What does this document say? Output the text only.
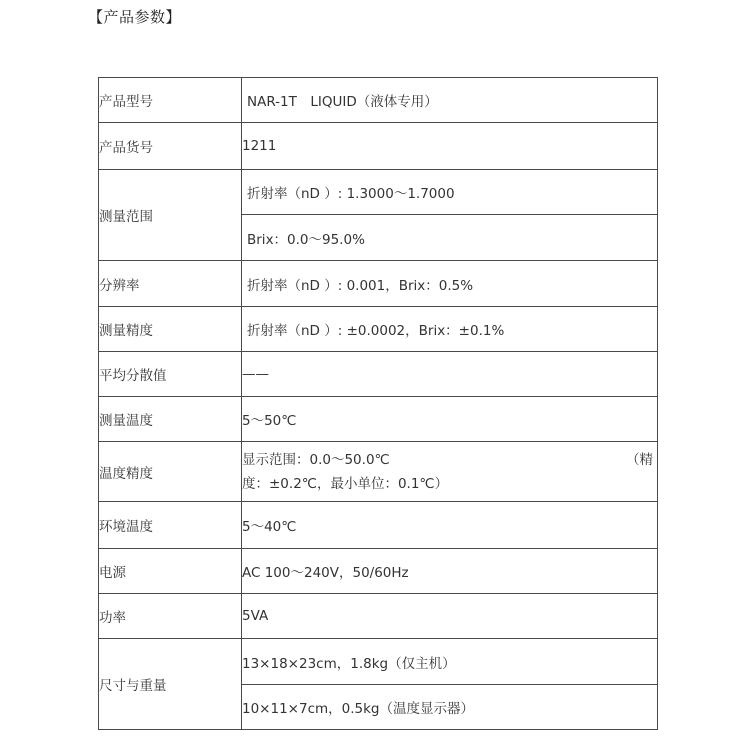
【产品参数】
产品型号	NAR-1T　LIQUID（液体专用）
产品货号	1211
测量范围	折射率（nD ）: 1.3000～1.7000
	Brix：0.0～95.0%
分辨率	折射率（nD ）: 0.001，Brix：0.5%
测量精度	折射率（nD ）: ±0.0002，Brix：±0.1%
平均分散值	——
测量温度	5～50℃
温度精度	显示范围：0.0～50.0℃ （精
度：±0.2℃，最小单位：0.1℃）

环境温度	5～40℃
电源	AC 100～240V，50/60Hz
功率	5VA
尺寸与重量	13×18×23cm，1.8kg（仅主机）
	10×11×7cm，0.5kg（温度显示器）
